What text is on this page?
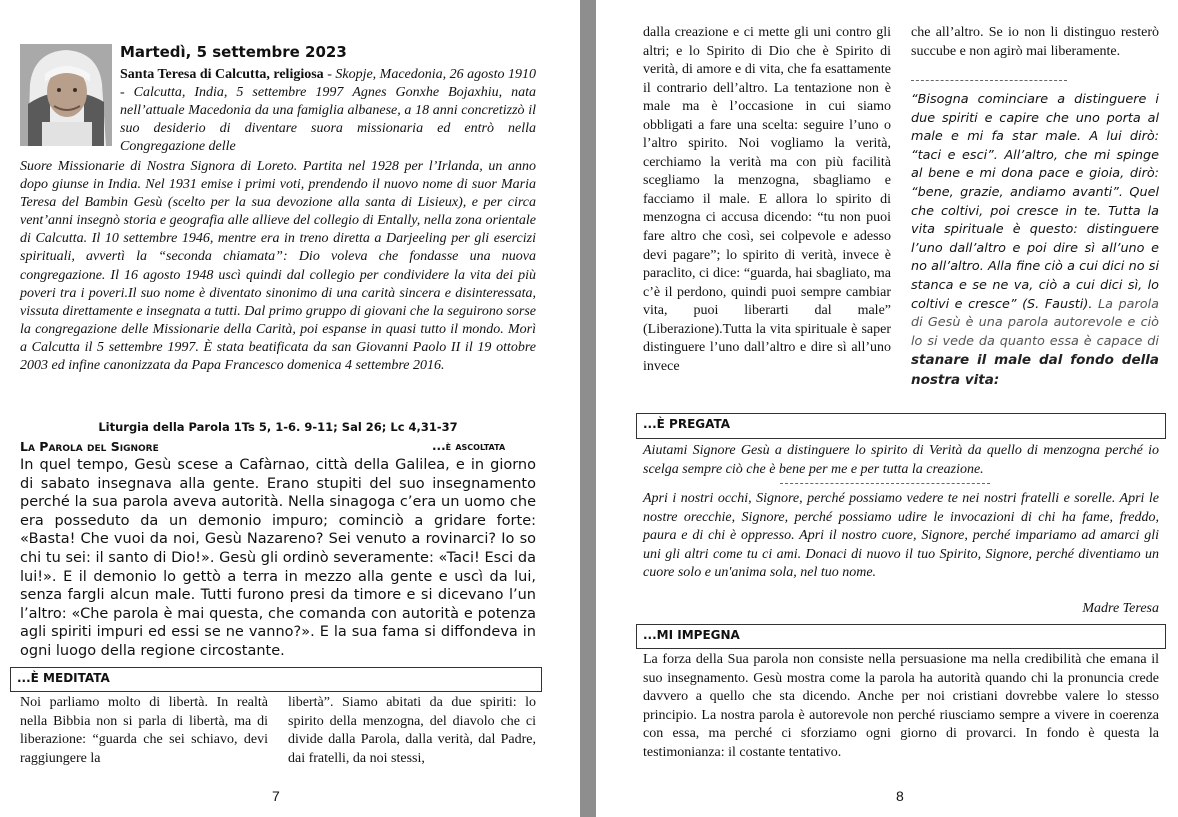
Martedì, 5 settembre 2023
Santa Teresa di Calcutta, religiosa - Skopje, Macedonia, 26 agosto 1910 - Calcutta, India, 5 settembre 1997 Agnes Gonxhe Bojaxhiu, nata nell’attuale Macedonia da una famiglia albanese, a 18 anni concretizzò il suo desiderio di diventare suora missionaria ed entrò nella Congregazione delle
Suore Missionarie di Nostra Signora di Loreto. Partita nel 1928 per l’Irlanda, un anno dopo giunse in India. Nel 1931 emise i primi voti, prendendo il nuovo nome di suor Maria Teresa del Bambin Gesù (scelto per la sua devozione alla santa di Lisieux), e per circa vent’anni insegnò storia e geografia alle allieve del collegio di Entally, nella zona orientale di Calcutta. Il 10 settembre 1946, mentre era in treno diretta a Darjeeling per gli esercizi spirituali, avvertì la “seconda chiamata”: Dio voleva che fondasse una nuova congregazione. Il 16 agosto 1948 uscì quindi dal collegio per condividere la vita dei più poveri tra i poveri.Il suo nome è diventato sinonimo di una carità sincera e disinteressata, vissuta direttamente e insegnata a tutti. Dal primo gruppo di giovani che la seguirono sorse la congregazione delle Missionarie della Carità, poi espanse in quasi tutto il mondo. Morì a Calcutta il 5 settembre 1997. È stata beatificata da san Giovanni Paolo II il 19 ottobre 2003 ed infine canonizzata da Papa Francesco domenica 4 settembre 2016.
Liturgia della Parola 1Ts 5, 1-6. 9-11; Sal 26; Lc 4,31-37
La Parola del Signore	...è ascoltata
In quel tempo, Gesù scese a Cafàrnao, città della Galilea, e in giorno di sabato insegnava alla gente. Erano stupiti del suo insegnamento perché la sua parola aveva autorità. Nella sinagoga c’era un uomo che era posseduto da un demonio impuro; cominciò a gridare forte: «Basta! Che vuoi da noi, Gesù Nazareno? Sei venuto a rovinarci? Io so chi tu sei: il santo di Dio!». Gesù gli ordinò severamente: «Taci! Esci da lui!». E il demonio lo gettò a terra in mezzo alla gente e uscì da lui, senza fargli alcun male. Tutti furono presi da timore e si dicevano l’un l’altro: «Che parola è mai questa, che comanda con autorità e potenza agli spiriti impuri ed essi se ne vanno?». E la sua fama si diffondeva in ogni luogo della regione circostante.
...È MEDITATA
Noi parliamo molto di libertà. In realtà nella Bibbia non si parla di libertà, ma di liberazione: “guarda che sei schiavo, devi raggiungere la
libertà”. Siamo abitati da due spiriti: lo spirito della menzogna, del diavolo che ci divide dalla Parola, dalla verità, dal Padre, dai fratelli, da noi stessi,
7
dalla creazione e ci mette gli uni contro gli altri; e lo Spirito di Dio che è Spirito di verità, di amore e di vita, che fa esattamente il contrario dell’altro. La tentazione non è male ma è l’occasione in cui siamo obbligati a fare una scelta: seguire l’uno o l’altro spirito. Noi vogliamo la verità, cerchiamo la verità ma con più facilità scegliamo la menzogna, sbagliamo e facciamo il male. E allora lo spirito di menzogna ci accusa dicendo: “tu non puoi fare altro che così, sei colpevole e adesso devi pagare”; lo spirito di verità, invece è paraclito, ci dice: “guarda, hai sbagliato, ma c’è il perdono, quindi puoi sempre cambiar vita, puoi liberarti dal male” (Liberazione).Tutta la vita spirituale è saper distinguere l’uno dall’altro e dire sì all’uno invece
che all’altro. Se io non li distinguo resterò succube e non agirò mai liberamente.
“Bisogna cominciare a distinguere i due spiriti e capire che uno porta al male e mi fa star male. A lui dirò: “taci e esci”. All’altro, che mi spinge al bene e mi dona pace e gioia, dirò: “bene, grazie, andiamo avanti”. Quel che coltivi, poi cresce in te. Tutta la vita spirituale è questo: distinguere l’uno dall’altro e poi dire sì all’uno e no all’altro. Alla fine ciò a cui dici no si stanca e se ne va, ciò a cui dici sì, lo coltivi e cresce” (S. Fausti). La parola di Gesù è una parola autorevole e ciò lo si vede da quanto essa è capace di stanare il male dal fondo della nostra vita:
...È PREGATA
Aiutami Signore Gesù a distinguere lo spirito di Verità da quello di menzogna perché io scelga sempre ciò che è bene per me e per tutta la creazione.
Apri i nostri occhi, Signore, perché possiamo vedere te nei nostri fratelli e sorelle. Apri le nostre orecchie, Signore, perché possiamo udire le invocazioni di chi ha fame, freddo, paura e di chi è oppresso. Apri il nostro cuore, Signore, perché impariamo ad amarci gli uni gli altri come tu ci ami. Donaci di nuovo il tuo Spirito, Signore, perché diventiamo un cuore solo e un'anima sola, nel tuo nome.
Madre Teresa
...MI IMPEGNA
La forza della Sua parola non consiste nella persuasione ma nella credibilità che emana il suo insegnamento. Gesù mostra come la parola ha autorità quando chi la pronuncia crede davvero a quello che sta dicendo. Anche per noi cristiani dovrebbe valere lo stesso principio. La nostra parola è autorevole non perché riusciamo sempre a vivere in coerenza con essa, ma perché ci sforziamo ogni giorno di provarci. In fondo è questa la testimonianza: il costante tentativo.
8
